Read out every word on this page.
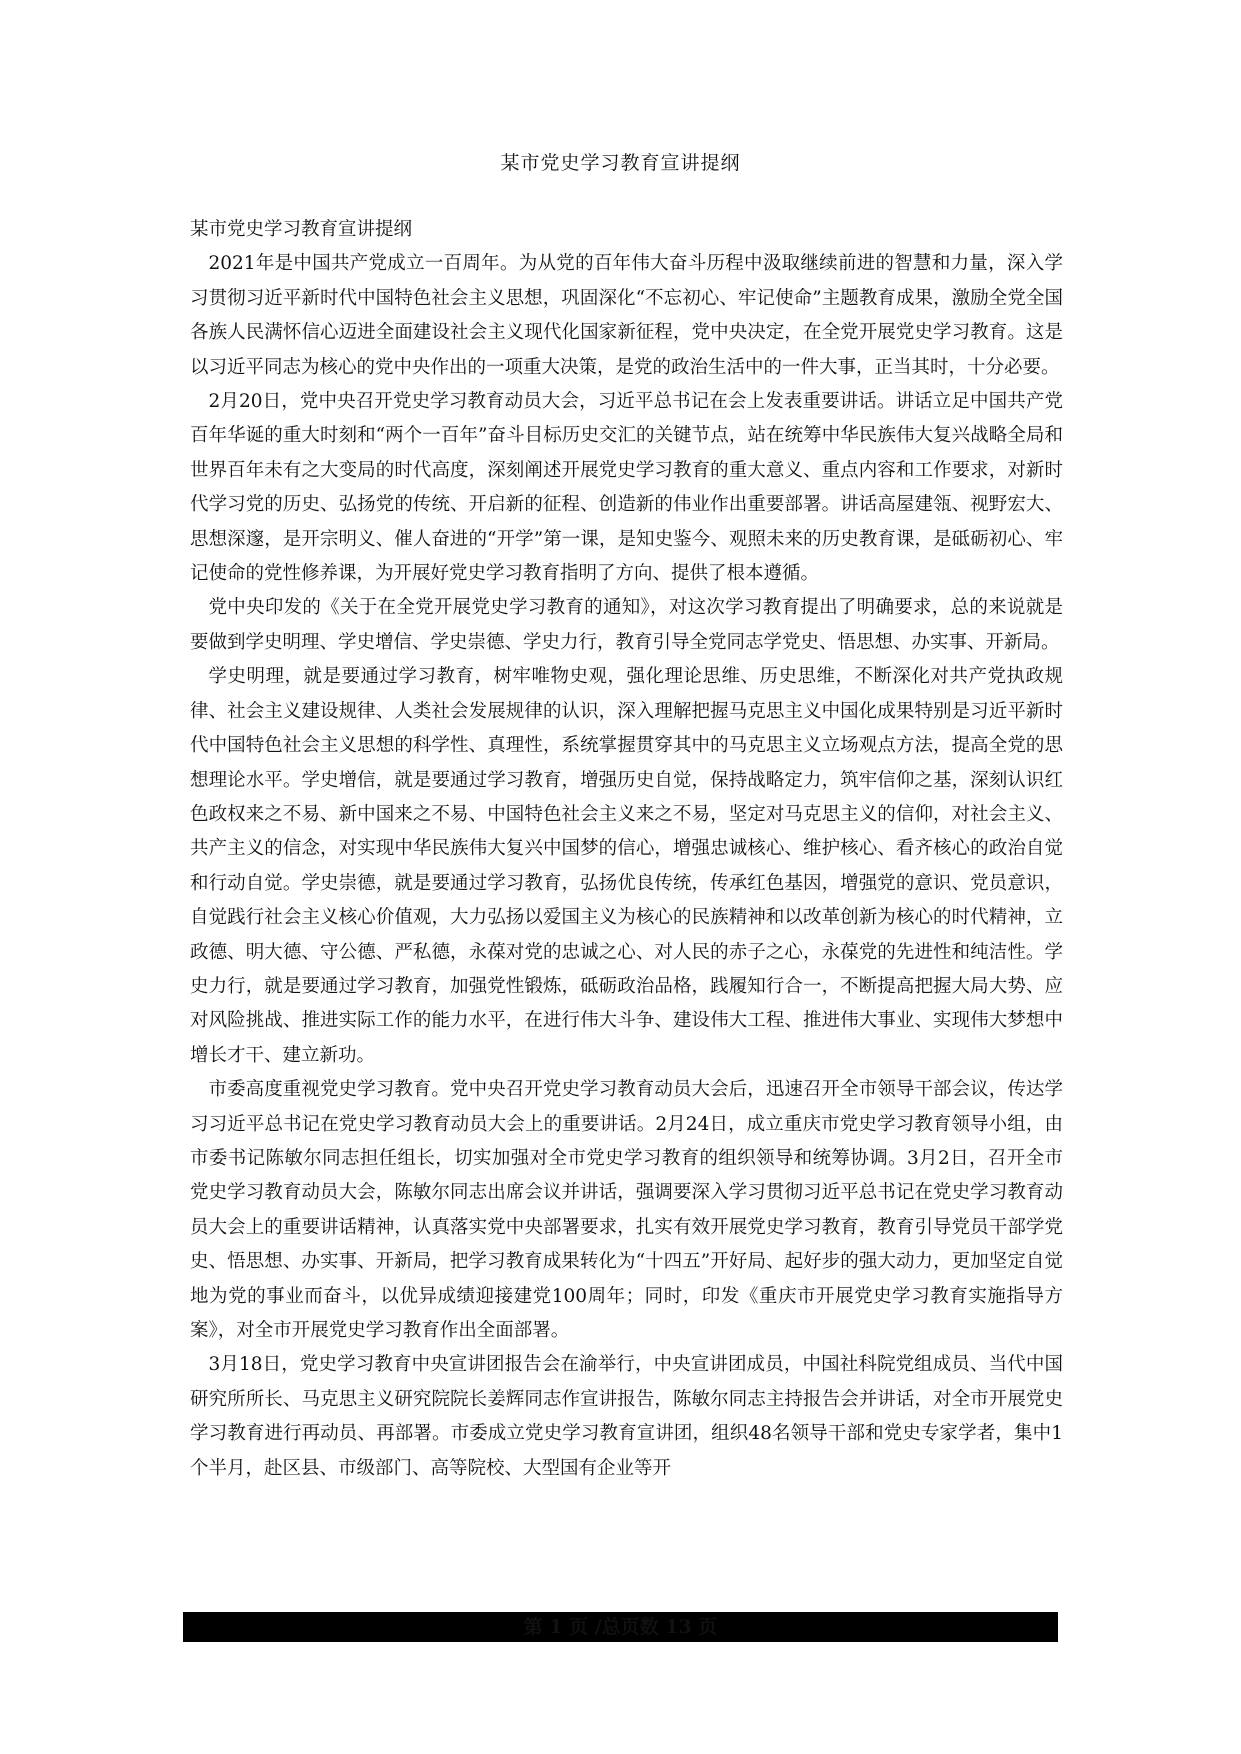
某市党史学习教育宣讲提纲

某市党史学习教育宣讲提纲

2021年是中国共产党成立一百周年。为从党的百年伟大奋斗历程中汲取继续前进的智慧和力量，深入学习贯彻习近平新时代中国特色社会主义思想，巩固深化“不忘初心、牢记使命”主题教育成果，激励全党全国各族人民满怀信心迈进全面建设社会主义现代化国家新征程，党中央决定，在全党开展党史学习教育。这是以习近平同志为核心的党中央作出的一项重大决策，是党的政治生活中的一件大事，正当其时，十分必要。

2月20日，党中央召开党史学习教育动员大会，习近平总书记在会上发表重要讲话。讲话立足中国共产党百年华诞的重大时刻和“两个一百年”奋斗目标历史交汇的关键节点，站在统筹中华民族伟大复兴战略全局和世界百年未有之大变局的时代高度，深刻阐述开展党史学习教育的重大意义、重点内容和工作要求，对新时代学习党的历史、弘扬党的传统、开启新的征程、创造新的伟业作出重要部署。讲话高屋建瓴、视野宏大、思想深邃，是开宗明义、催人奋进的“开学”第一课，是知史鉴今、观照未来的历史教育课，是砥砺初心、牢记使命的党性修养课，为开展好党史学习教育指明了方向、提供了根本遵循。

党中央印发的《关于在全党开展党史学习教育的通知》，对这次学习教育提出了明确要求，总的来说就是要做到学史明理、学史增信、学史崇德、学史力行，教育引导全党同志学党史、悟思想、办实事、开新局。

学史明理，就是要通过学习教育，树牢唯物史观，强化理论思维、历史思维，不断深化对共产党执政规律、社会主义建设规律、人类社会发展规律的认识，深入理解把握马克思主义中国化成果特别是习近平新时代中国特色社会主义思想的科学性、真理性，系统掌握贯穿其中的马克思主义立场观点方法，提高全党的思想理论水平。学史增信，就是要通过学习教育，增强历史自觉，保持战略定力，筑牢信仰之基，深刻认识红色政权来之不易、新中国来之不易、中国特色社会主义来之不易，坚定对马克思主义的信仰，对社会主义、共产主义的信念，对实现中华民族伟大复兴中国梦的信心，增强忠诚核心、维护核心、看齐核心的政治自觉和行动自觉。学史崇德，就是要通过学习教育，弘扬优良传统，传承红色基因，增强党的意识、党员意识，自觉践行社会主义核心价值观，大力弘扬以爱国主义为核心的民族精神和以改革创新为核心的时代精神，立政德、明大德、守公德、严私德，永葆对党的忠诚之心、对人民的赤子之心，永葆党的先进性和纯洁性。学史力行，就是要通过学习教育，加强党性锻炼，砥砺政治品格，践履知行合一，不断提高把握大局大势、应对风险挑战、推进实际工作的能力水平，在进行伟大斗争、建设伟大工程、推进伟大事业、实现伟大梦想中增长才干、建立新功。

市委高度重视党史学习教育。党中央召开党史学习教育动员大会后，迅速召开全市领导干部会议，传达学习习近平总书记在党史学习教育动员大会上的重要讲话。2月24日，成立重庆市党史学习教育领导小组，由市委书记陈敏尔同志担任组长，切实加强对全市党史学习教育的组织领导和统筹协调。3月2日，召开全市党史学习教育动员大会，陈敏尔同志出席会议并讲话，强调要深入学习贯彻习近平总书记在党史学习教育动员大会上的重要讲话精神，认真落实党中央部署要求，扎实有效开展党史学习教育，教育引导党员干部学党史、悟思想、办实事、开新局，把学习教育成果转化为“十四五”开好局、起好步的强大动力，更加坚定自觉地为党的事业而奋斗，以优异成绩迎接建党100周年；同时，印发《重庆市开展党史学习教育实施指导方案》，对全市开展党史学习教育作出全面部署。

3月18日，党史学习教育中央宣讲团报告会在渝举行，中央宣讲团成员，中国社科院党组成员、当代中国研究所所长、马克思主义研究院院长姜辉同志作宣讲报告，陈敏尔同志主持报告会并讲话，对全市开展党史学习教育进行再动员、再部署。市委成立党史学习教育宣讲团，组织48名领导干部和党史专家学者，集中1个半月，赴区县、市级部门、高等院校、大型国有企业等开

第 1 页 /总页数 13 页
